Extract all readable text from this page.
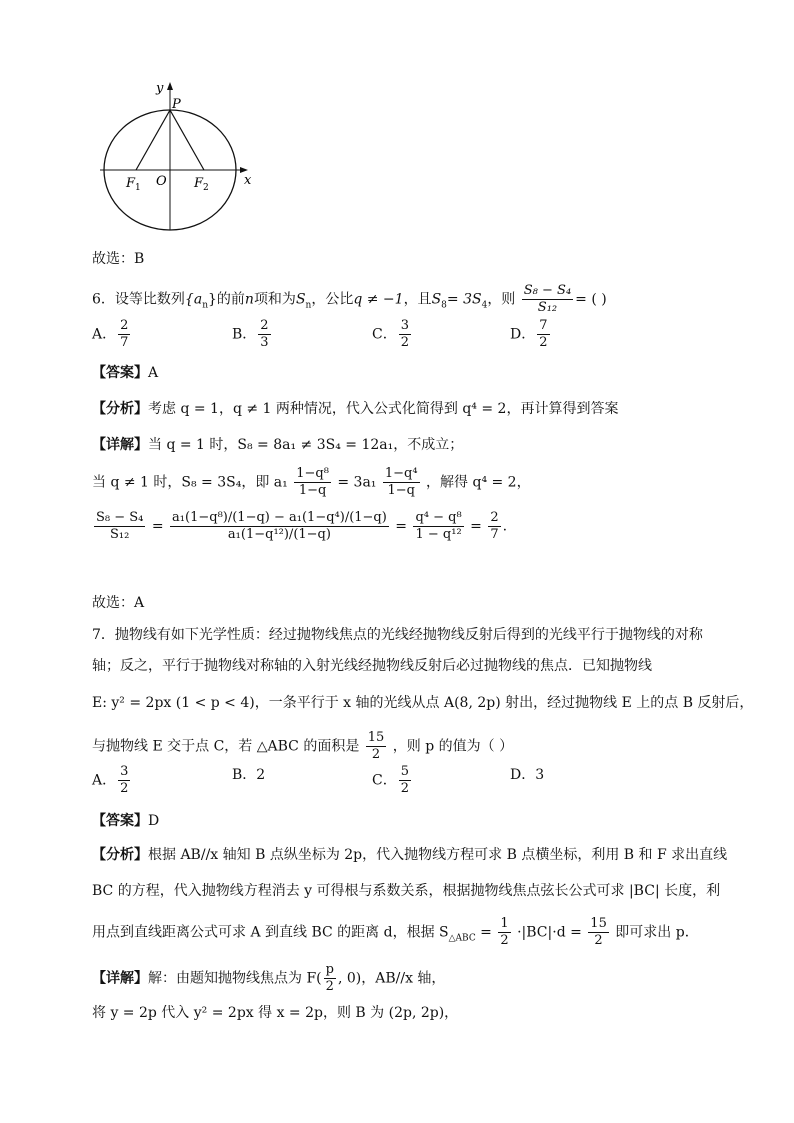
y
P
x
O
$F_1$	$F_2$
故选：B
6．设等比数列$\{a_n\}$的前n项和为$S_n$，公比q ≠ −1，且$S_8= 3S_4$，则 $\frac{\text{S₈ − S₄}}{\text{S₁₂}}$ = ( )
A． $\frac{2}{7}$	B． $\frac{2}{3}$	C． $\frac{3}{2}$	D． $\frac{7}{2}$
【答案】A
【分析】考虑 q = 1，q ≠ 1 两种情况，代入公式化简得到 q⁴ = 2，再计算得到答案
【详解】当 q = 1 时，S₈ = 8a₁ ≠ 3S₄ = 12a₁，不成立；
当 q ≠ 1 时，S₈ = 3S₄，即 $a_1 \frac{\text{1−q⁸}}{1-q} = 3a_1 \frac{\text{1−q⁴}}{1-q}$ ，解得 q⁴ = 2，
$\frac{\text{S₈ − S₄}}{\text{S₁₂}} = \frac{\text{a₁(1−q⁸)/(1−q) − a₁(1−q⁴)/(1−q)}}{\text{a₁(1−q¹²)/(1−q)}} = \frac{\text{q⁴ − q⁸}}{\text{1 − q¹²}} = \frac{2}{7}$ .
故选：A
7．抛物线有如下光学性质：经过抛物线焦点的光线经抛物线反射后得到的光线平行于抛物线的对称
轴；反之，平行于抛物线对称轴的入射光线经抛物线反射后必过抛物线的焦点．已知抛物线
E: y² = 2px (1 < p < 4)，一条平行于 x 轴的光线从点 A(8, 2p) 射出，经过抛物线 E 上的点 B 反射后，
与抛物线 E 交于点 C，若 △ABC 的面积是 $\frac{15}{2}$ ，则 p 的值为（ ）
A． $\frac{3}{2}$	B．2	C． $\frac{5}{2}$	D．3
【答案】D
【分析】根据 AB//x 轴知 B 点纵坐标为 2p，代入抛物线方程可求 B 点横坐标，利用 B 和 F 求出直线
BC 的方程，代入抛物线方程消去 y 可得根与系数关系，根据抛物线焦点弦长公式可求 |BC| 长度，利
用点到直线距离公式可求 A 到直线 BC 的距离 d，根据 $S_{\triangle ABC} = \frac{1}{2} \cdot|BC|\cdot d = \frac{15}{2}$ 即可求出 p．
【详解】解：由题知抛物线焦点为 $F( \frac{p}{2}$ , 0)，AB//x 轴，
将 y = 2p 代入 y² = 2px 得 x = 2p，则 B 为 (2p, 2p)，
